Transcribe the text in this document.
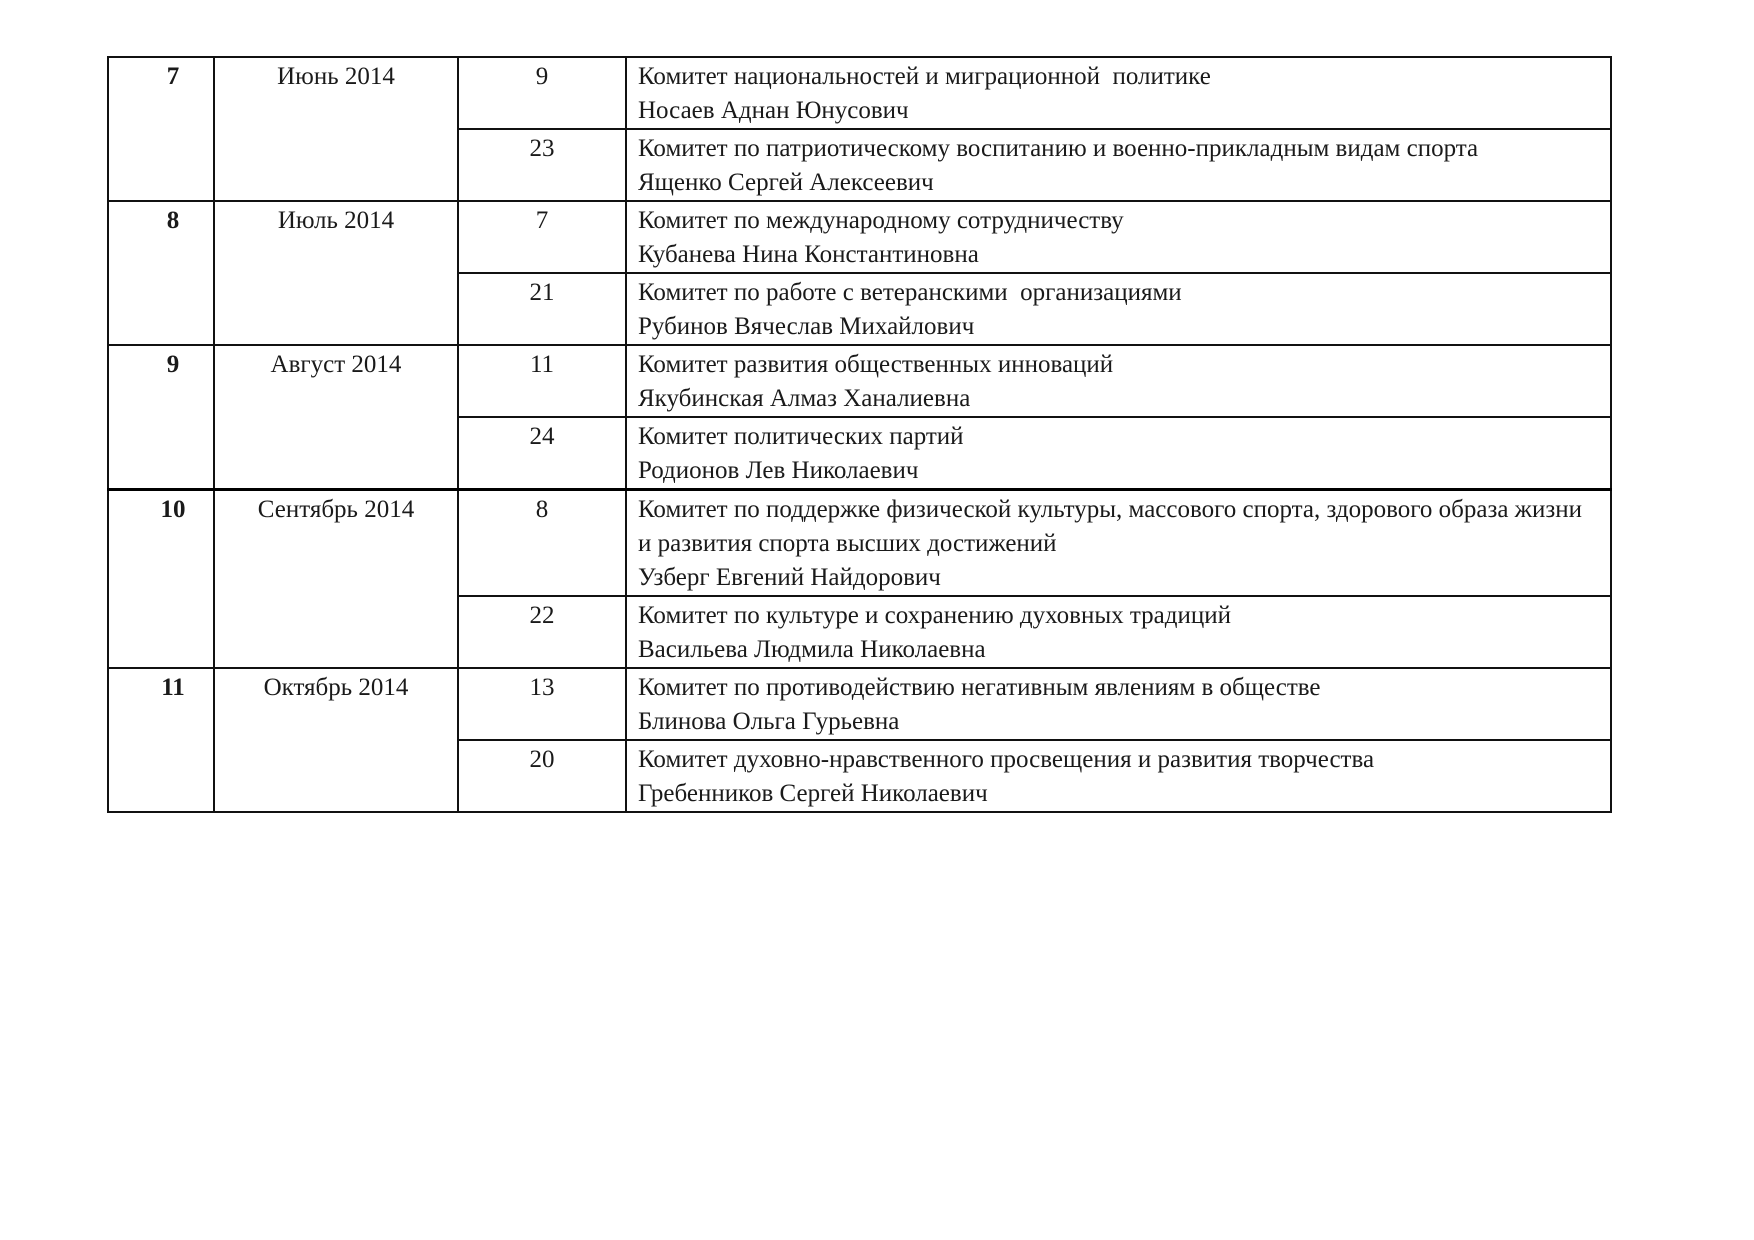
7	Июнь 2014	9	Комитет национальностей и миграционной  политике
Носаев Аднан Юнусович

		23	Комитет по патриотическому воспитанию и военно-прикладным видам спорта
Ященко Сергей Алексеевич

8	Июль 2014	7	Комитет по международному сотрудничеству
Кубанева Нина Константиновна

		21	Комитет по работе с ветеранскими  организациями
Рубинов Вячеслав Михайлович

9	Август 2014	11	Комитет развития общественных инноваций
Якубинская Алмаз Ханалиевна

		24	Комитет политических партий
Родионов Лев Николаевич

10	Сентябрь 2014	8	Комитет по поддержке физической культуры, массового спорта, здорового образа жизни и развития спорта высших достижений
Узберг Евгений Найдорович

		22	Комитет по культуре и сохранению духовных традиций
Васильева Людмила Николаевна

11	Октябрь 2014	13	Комитет по противодействию негативным явлениям в обществе
Блинова Ольга Гурьевна

		20	Комитет духовно-нравственного просвещения и развития творчества
Гребенников Сергей Николаевич
